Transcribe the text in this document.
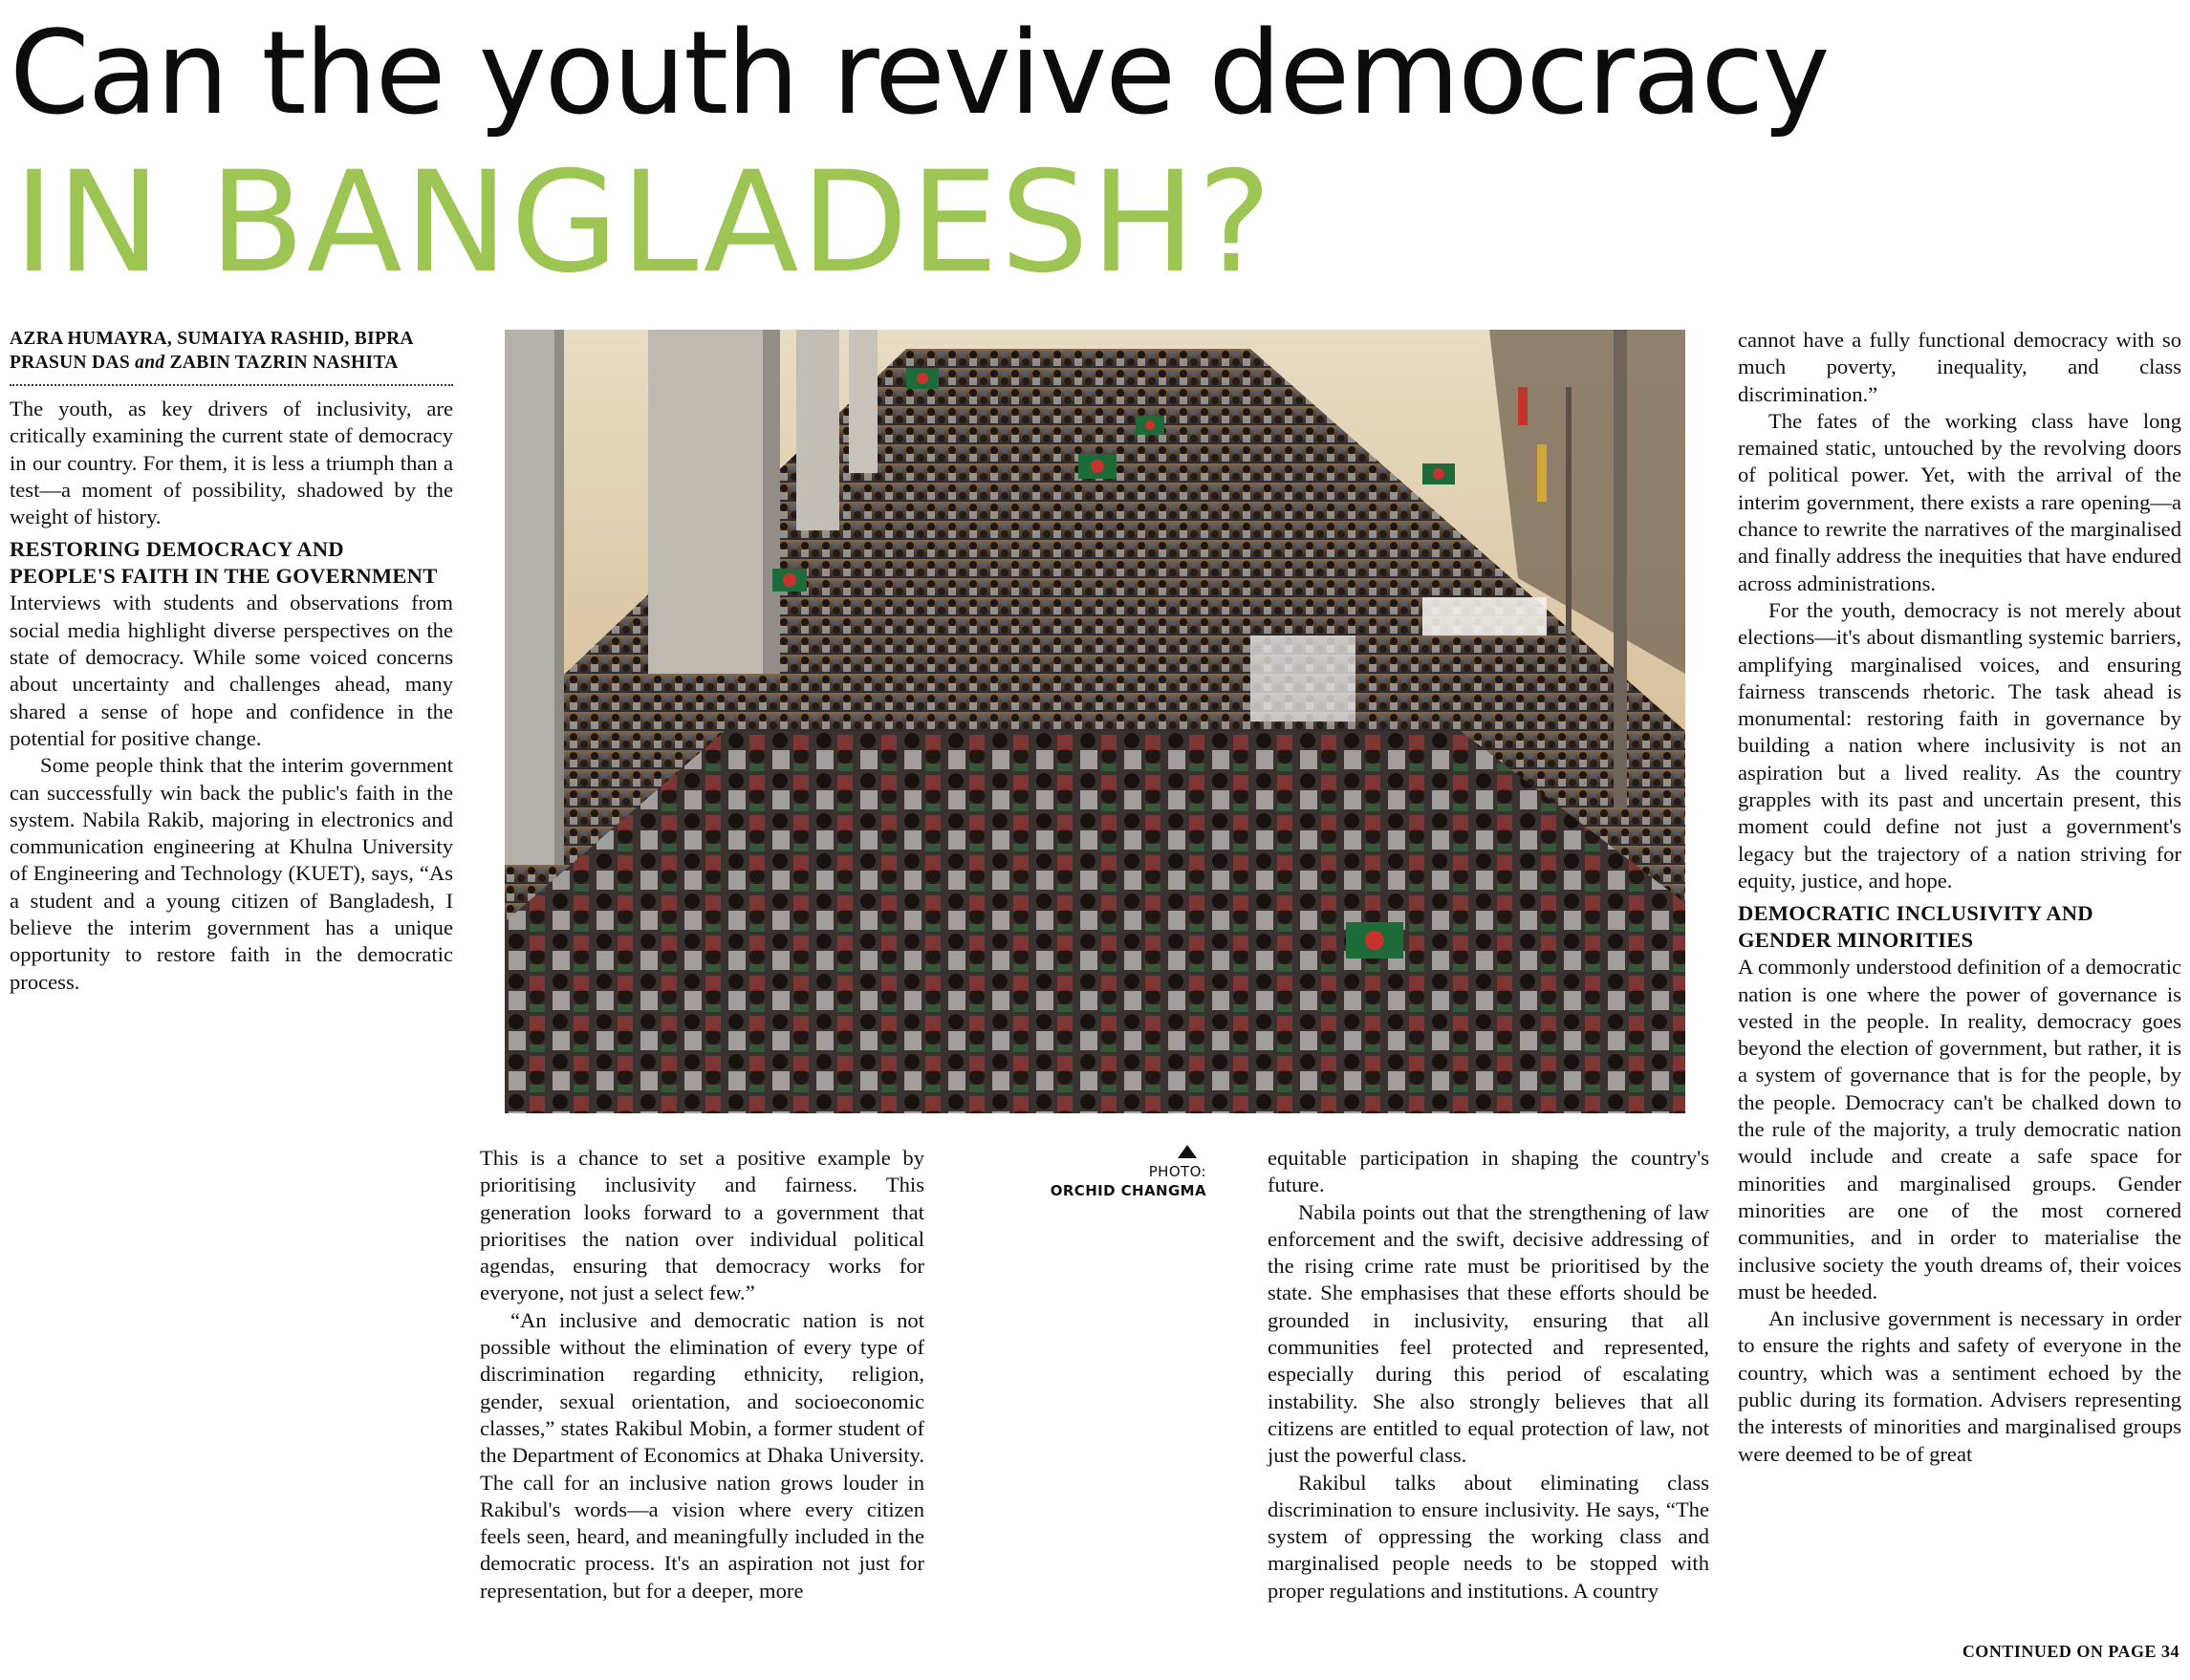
Can the youth revive democracy
IN BANGLADESH?
AZRA HUMAYRA, SUMAIYA RASHID, BIPRA PRASUN DAS and ZABIN TAZRIN NASHITA

The youth, as key drivers of inclusivity, are critically examining the current state of democracy in our country. For them, it is less a triumph than a test—a moment of possibility, shadowed by the weight of history.

RESTORING DEMOCRACY AND PEOPLE'S FAITH IN THE GOVERNMENT

Interviews with students and observations from social media highlight diverse perspectives on the state of democracy. While some voiced concerns about uncertainty and challenges ahead, many shared a sense of hope and confidence in the potential for positive change.

Some people think that the interim government can successfully win back the public's faith in the system. Nabila Rakib, majoring in electronics and communication engineering at Khulna University of Engineering and Technology (KUET), says, “As a student and a young citizen of Bangladesh, I believe the interim government has a unique opportunity to restore faith in the democratic process.

PHOTO:
ORCHID CHANGMA

This is a chance to set a positive example by prioritising inclusivity and fairness. This generation looks forward to a government that prioritises the nation over individual political agendas, ensuring that democracy works for everyone, not just a select few.”

“An inclusive and democratic nation is not possible without the elimination of every type of discrimination regarding ethnicity, religion, gender, sexual orientation, and socioeconomic classes,” states Rakibul Mobin, a former student of the Department of Economics at Dhaka University. The call for an inclusive nation grows louder in Rakibul's words—a vision where every citizen feels seen, heard, and meaningfully included in the democratic process. It's an aspiration not just for representation, but for a deeper, more

equitable participation in shaping the country's future.

Nabila points out that the strengthening of law enforcement and the swift, decisive addressing of the rising crime rate must be prioritised by the state. She emphasises that these efforts should be grounded in inclusivity, ensuring that all communities feel protected and represented, especially during this period of escalating instability. She also strongly believes that all citizens are entitled to equal protection of law, not just the powerful class.

Rakibul talks about eliminating class discrimination to ensure inclusivity. He says, “The system of oppressing the working class and marginalised people needs to be stopped with proper regulations and institutions. A country

cannot have a fully functional democracy with so much poverty, inequality, and class discrimination.”

The fates of the working class have long remained static, untouched by the revolving doors of political power. Yet, with the arrival of the interim government, there exists a rare opening—a chance to rewrite the narratives of the marginalised and finally address the inequities that have endured across administrations.

For the youth, democracy is not merely about elections—it's about dismantling systemic barriers, amplifying marginalised voices, and ensuring fairness transcends rhetoric. The task ahead is monumental: restoring faith in governance by building a nation where inclusivity is not an aspiration but a lived reality. As the country grapples with its past and uncertain present, this moment could define not just a government's legacy but the trajectory of a nation striving for equity, justice, and hope.

DEMOCRATIC INCLUSIVITY AND GENDER MINORITIES

A commonly understood definition of a democratic nation is one where the power of governance is vested in the people. In reality, democracy goes beyond the election of government, but rather, it is a system of governance that is for the people, by the people. Democracy can't be chalked down to the rule of the majority, a truly democratic nation would include and create a safe space for minorities and marginalised groups. Gender minorities are one of the most cornered communities, and in order to materialise the inclusive society the youth dreams of, their voices must be heeded.

An inclusive government is necessary in order to ensure the rights and safety of everyone in the country, which was a sentiment echoed by the public during its formation. Advisers representing the interests of minorities and marginalised groups were deemed to be of great

CONTINUED ON PAGE 34
